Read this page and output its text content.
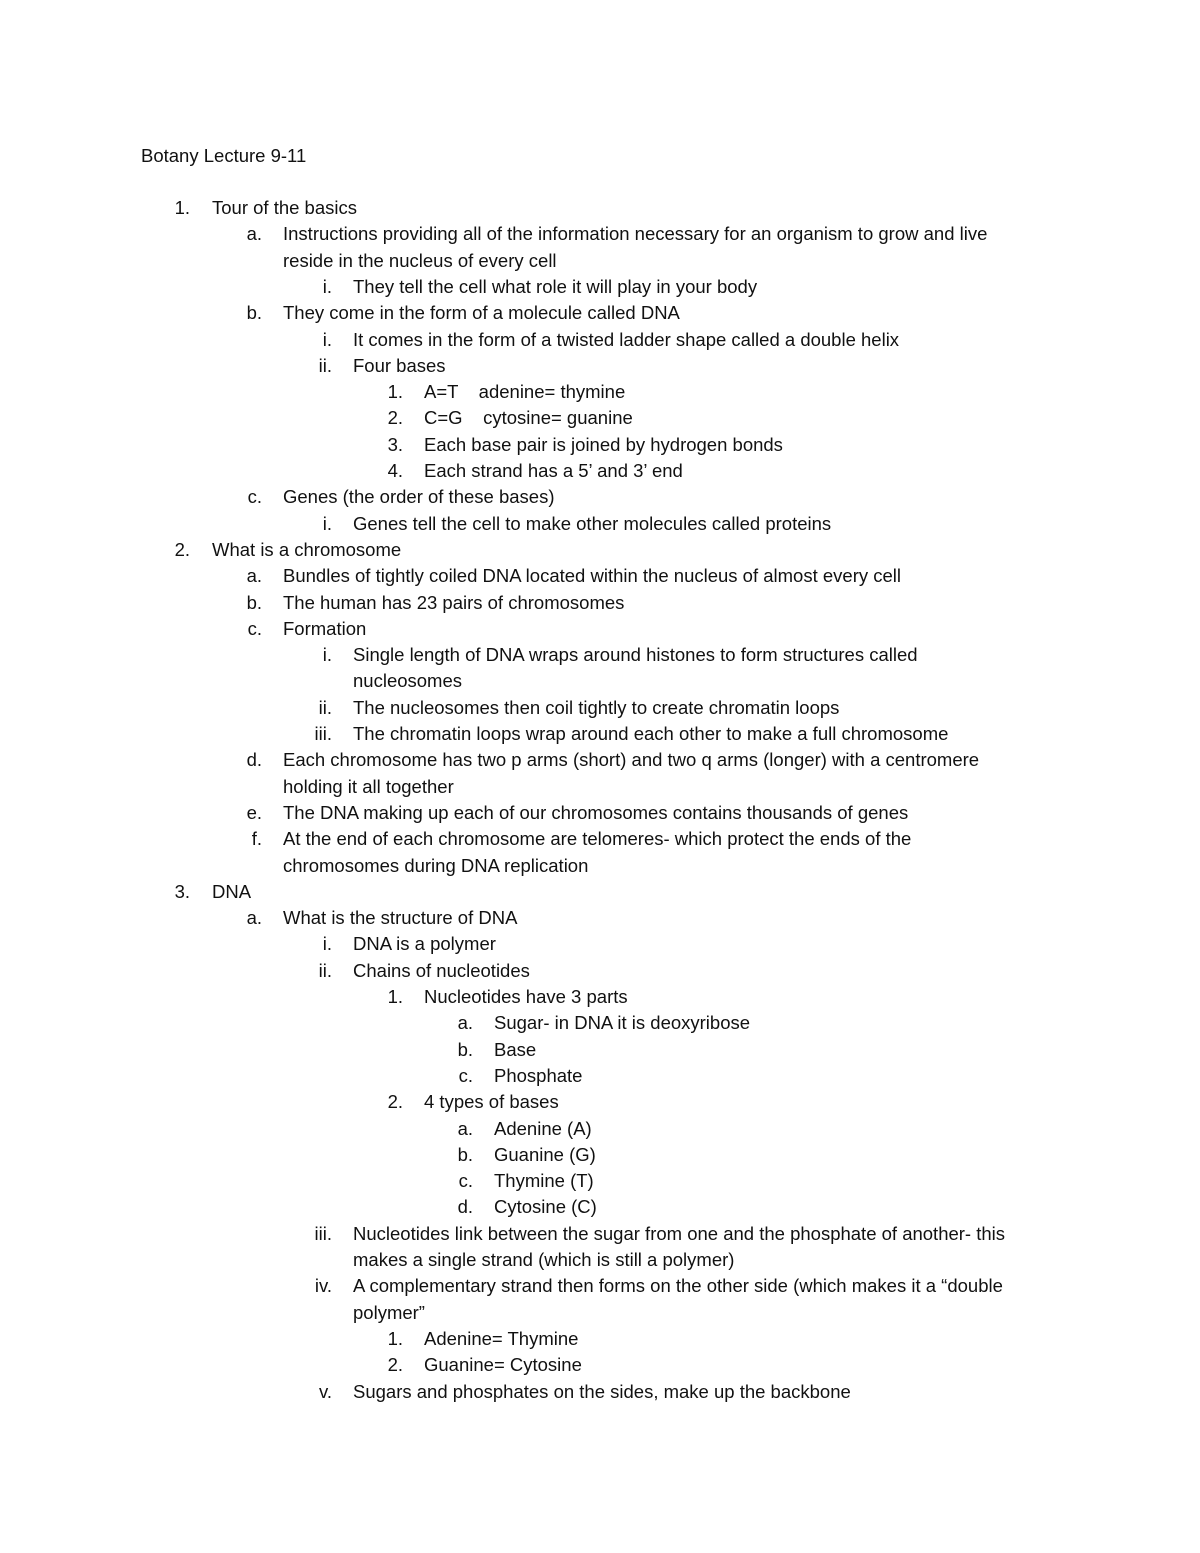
Botany Lecture 9-11
1. Tour of the basics
a. Instructions providing all of the information necessary for an organism to grow and live
reside in the nucleus of every cell
i. They tell the cell what role it will play in your body
b. They come in the form of a molecule called DNA
i. It comes in the form of a twisted ladder shape called a double helix
ii. Four bases
1. A=T    adenine= thymine
2. C=G    cytosine= guanine
3. Each base pair is joined by hydrogen bonds
4. Each strand has a 5’ and 3’ end
c. Genes (the order of these bases)
i. Genes tell the cell to make other molecules called proteins
2. What is a chromosome
a. Bundles of tightly coiled DNA located within the nucleus of almost every cell
b. The human has 23 pairs of chromosomes
c. Formation
i. Single length of DNA wraps around histones to form structures called
nucleosomes
ii. The nucleosomes then coil tightly to create chromatin loops
iii. The chromatin loops wrap around each other to make a full chromosome
d. Each chromosome has two p arms (short) and two q arms (longer) with a centromere
holding it all together
e. The DNA making up each of our chromosomes contains thousands of genes
f. At the end of each chromosome are telomeres- which protect the ends of the
chromosomes during DNA replication
3. DNA
a. What is the structure of DNA
i. DNA is a polymer
ii. Chains of nucleotides
1. Nucleotides have 3 parts
a. Sugar- in DNA it is deoxyribose
b. Base
c. Phosphate
2. 4 types of bases
a. Adenine (A)
b. Guanine (G)
c. Thymine (T)
d. Cytosine (C)
iii. Nucleotides link between the sugar from one and the phosphate of another- this
makes a single strand (which is still a polymer)
iv. A complementary strand then forms on the other side (which makes it a “double
polymer”
1. Adenine= Thymine
2. Guanine= Cytosine
v. Sugars and phosphates on the sides, make up the backbone
